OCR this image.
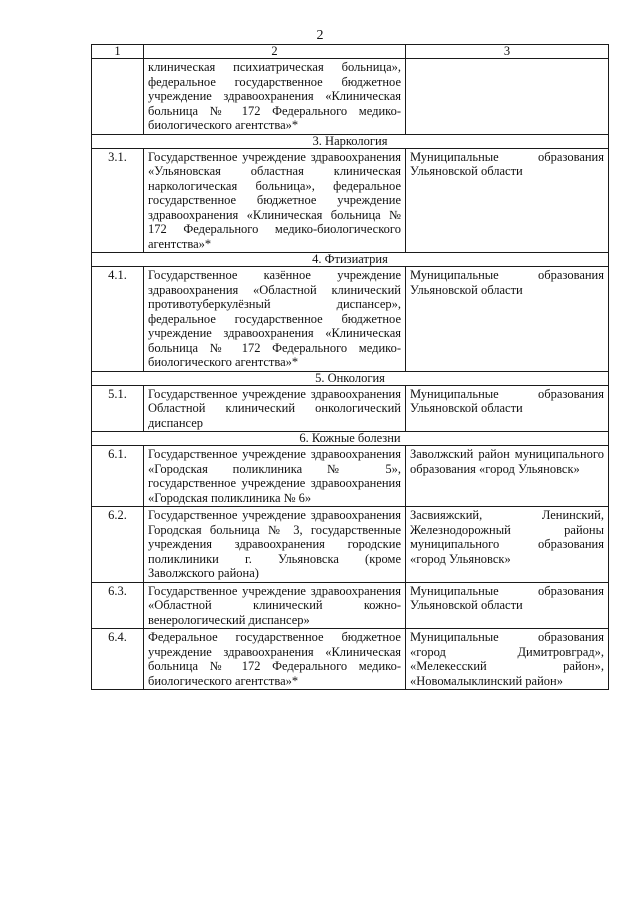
2
1	2	3
	клиническая психиатрическая больница», федеральное государственное бюджетное учреждение здравоохранения «Клиническая больница № 172 Федерального медико-биологического агентства»*	
3. Наркология		
3.1.	Государственное учреждение здравоохранения «Ульяновская областная клиническая наркологическая больница», федеральное государственное бюджетное учреждение здравоохранения «Клиническая больница № 172 Федерального медико-биологического агентства»*	Муниципальные образования Ульяновской области
4. Фтизиатрия		
4.1.	Государственное казённое учреждение здравоохранения «Областной клинический противотуберкулёзный диспансер», федеральное государственное бюджетное учреждение здравоохранения «Клиническая больница № 172 Федерального медико-биологического агентства»*	Муниципальные образования Ульяновской области
5. Онкология		
5.1.	Государственное учреждение здравоохранения Областной клинический онкологический диспансер	Муниципальные образования Ульяновской области
6. Кожные болезни		
6.1.	Государственное учреждение здравоохранения «Городская поликлиника № 5», государственное учреждение здравоохранения «Городская поликлиника № 6»	Заволжский район муниципального образования «город Ульяновск»
6.2.	Государственное учреждение здравоохранения Городская больница № 3, государственные учреждения здравоохранения городские поликлиники г. Ульяновска (кроме Заволжского района)	Засвияжский, Ленинский, Железнодорожный районы муниципального образования «город Ульяновск»
6.3.	Государственное учреждение здравоохранения «Областной клинический кожно-венерологический диспансер»	Муниципальные образования Ульяновской области
6.4.	Федеральное государственное бюджетное учреждение здравоохранения «Клиническая больница № 172 Федерального медико-биологического агентства»*	Муниципальные образования «город Димитровград», «Мелекесский район», «Новомалыклинский район»
